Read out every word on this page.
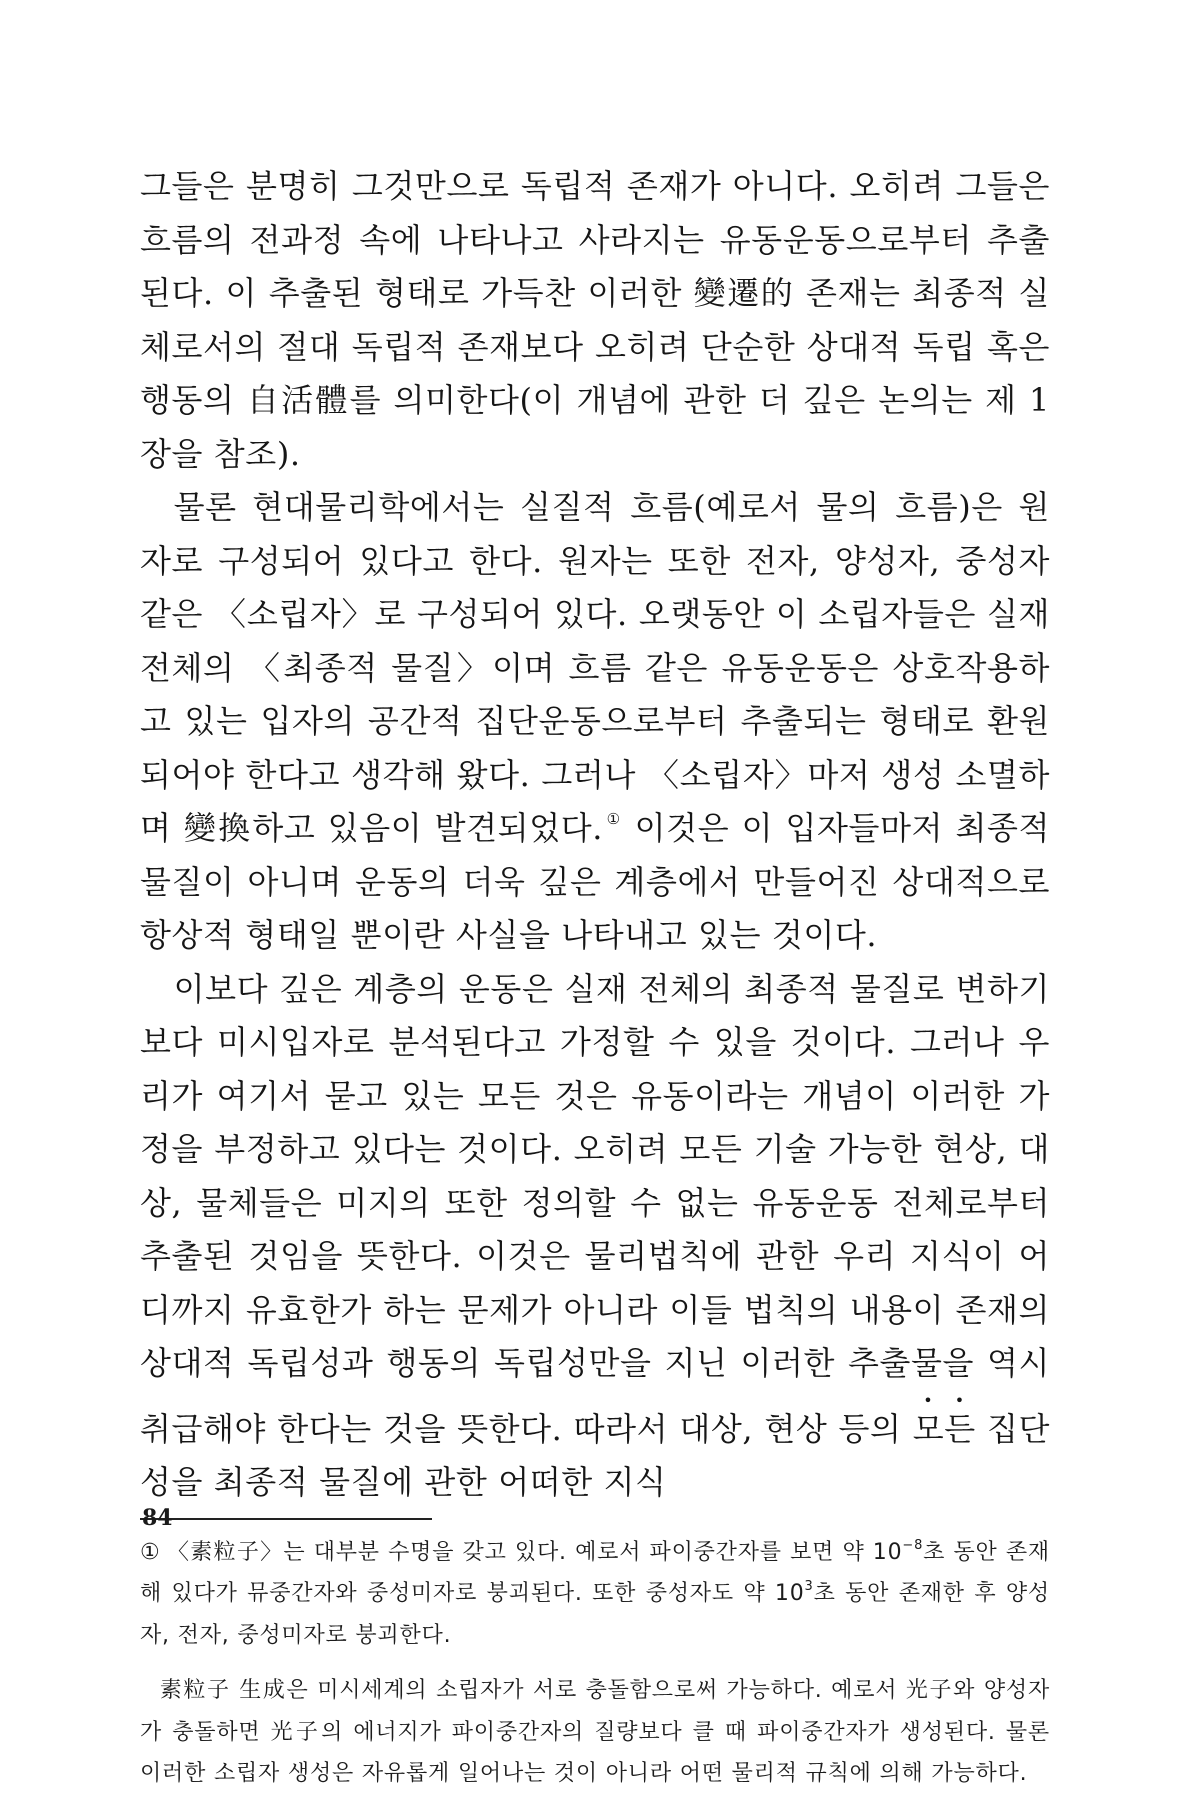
그들은 분명히 그것만으로 독립적 존재가 아니다. 오히려 그들은 흐름의 전과정 속에 나타나고 사라지는 유동운동으로부터 추출된다. 이 추출된 형태로 가득찬 이러한 變遷的 존재는 최종적 실체로서의 절대 독립적 존재보다 오히려 단순한 상대적 독립 혹은 행동의 自活體를 의미한다(이 개념에 관한 더 깊은 논의는 제 1 장을 참조).

물론 현대물리학에서는 실질적 흐름(예로서 물의 흐름)은 원자로 구성되어 있다고 한다. 원자는 또한 전자, 양성자, 중성자 같은 〈소립자〉로 구성되어 있다. 오랫동안 이 소립자들은 실재 전체의 〈최종적 물질〉이며 흐름 같은 유동운동은 상호작용하고 있는 입자의 공간적 집단운동으로부터 추출되는 형태로 환원되어야 한다고 생각해 왔다. 그러나 〈소립자〉마저 생성 소멸하며 變換하고 있음이 발견되었다. ① 이것은 이 입자들마저 최종적 물질이 아니며 운동의 더욱 깊은 계층에서 만들어진 상대적으로 항상적 형태일 뿐이란 사실을 나타내고 있는 것이다.

이보다 깊은 계층의 운동은 실재 전체의 최종적 물질로 변하기보다 미시입자로 분석된다고 가정할 수 있을 것이다. 그러나 우리가 여기서 묻고 있는 모든 것은 유동이라는 개념이 이러한 가정을 부정하고 있다는 것이다. 오히려 모든 기술 가능한 현상, 대상, 물체들은 미지의 또한 정의할 수 없는 유동운동 전체로부터 추출된 것임을 뜻한다. 이것은 물리법칙에 관한 우리 지식이 어디까지 유효한가 하는 문제가 아니라 이들 법칙의 내용이 존재의 상대적 독립성과 행동의 독립성만을 지닌 이러한 추출물을 역시 취급해야 한다는 것을 뜻한다. 따라서 대상, 현상 등의 모든 집단성을 최종적 물질에 관한 어떠한 지식

① 〈素粒子〉는 대부분 수명을 갖고 있다. 예로서 파이중간자를 보면 약 10$^{-8}$초 동안 존재해 있다가 뮤중간자와 중성미자로 붕괴된다. 또한 중성자도 약 10$^3$초 동안 존재한 후 양성자, 전자, 중성미자로 붕괴한다.

素粒子 生成은 미시세계의 소립자가 서로 충돌함으로써 가능하다. 예로서 光子와 양성자가 충돌하면 光子의 에너지가 파이중간자의 질량보다 클 때 파이중간자가 생성된다. 물론 이러한 소립자 생성은 자유롭게 일어나는 것이 아니라 어떤 물리적 규칙에 의해 가능하다.

84
